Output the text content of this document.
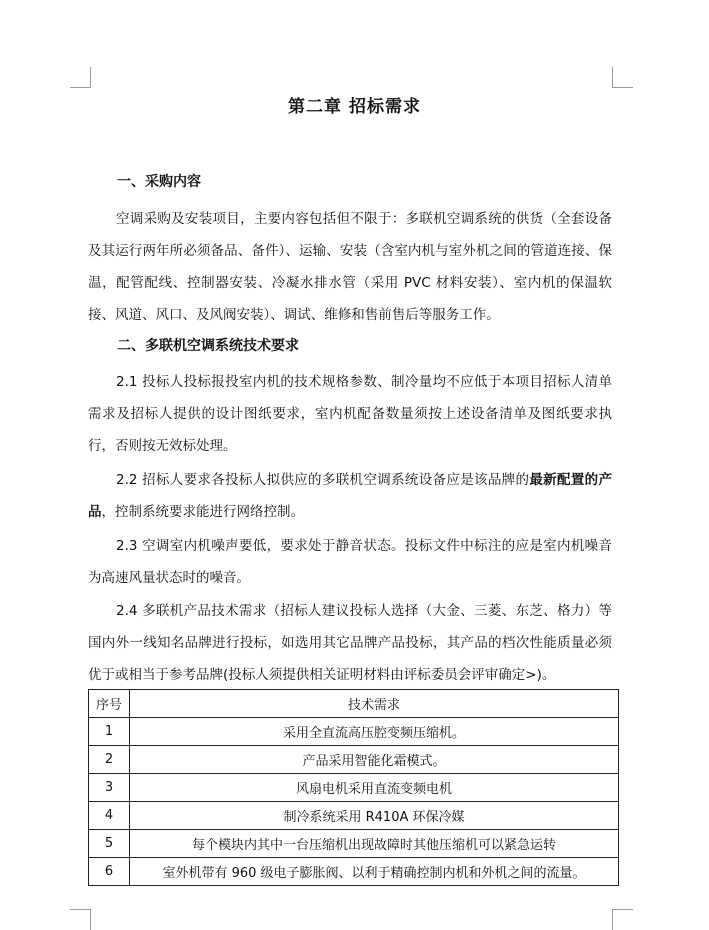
第二章 招标需求
一、采购内容

空调采购及安装项目，主要内容包括但不限于：多联机空调系统的供货（全套设备及其运行两年所必须备品、备件）、运输、安装（含室内机与室外机之间的管道连接、保温，配管配线、控制器安装、冷凝水排水管（采用 PVC 材料安装）、室内机的保温软接、风道、风口、及风阀安装）、调试、维修和售前售后等服务工作。

二、多联机空调系统技术要求

2.1 投标人投标报投室内机的技术规格参数、制冷量均不应低于本项目招标人清单需求及招标人提供的设计图纸要求，室内机配备数量须按上述设备清单及图纸要求执行，否则按无效标处理。

2.2 招标人要求各投标人拟供应的多联机空调系统设备应是该品牌的最新配置的产品，控制系统要求能进行网络控制。

2.3 空调室内机噪声要低，要求处于静音状态。投标文件中标注的应是室内机噪音为高速风量状态时的噪音。

2.4 多联机产品技术需求（招标人建议投标人选择（大金、三菱、东芝、格力）等国内外一线知名品牌进行投标，如选用其它品牌产品投标，其产品的档次性能质量必须优于或相当于参考品牌(投标人须提供相关证明材料由评标委员会评审确定>)。

序号	技术需求
1	采用全直流高压腔变频压缩机。
2	产品采用智能化霜模式。
3	风扇电机采用直流变频电机
4	制冷系统采用 R410A 环保冷媒
5	每个模块内其中一台压缩机出现故障时其他压缩机可以紧急运转
6	室外机带有 960 级电子膨胀阀、以利于精确控制内机和外机之间的流量。
